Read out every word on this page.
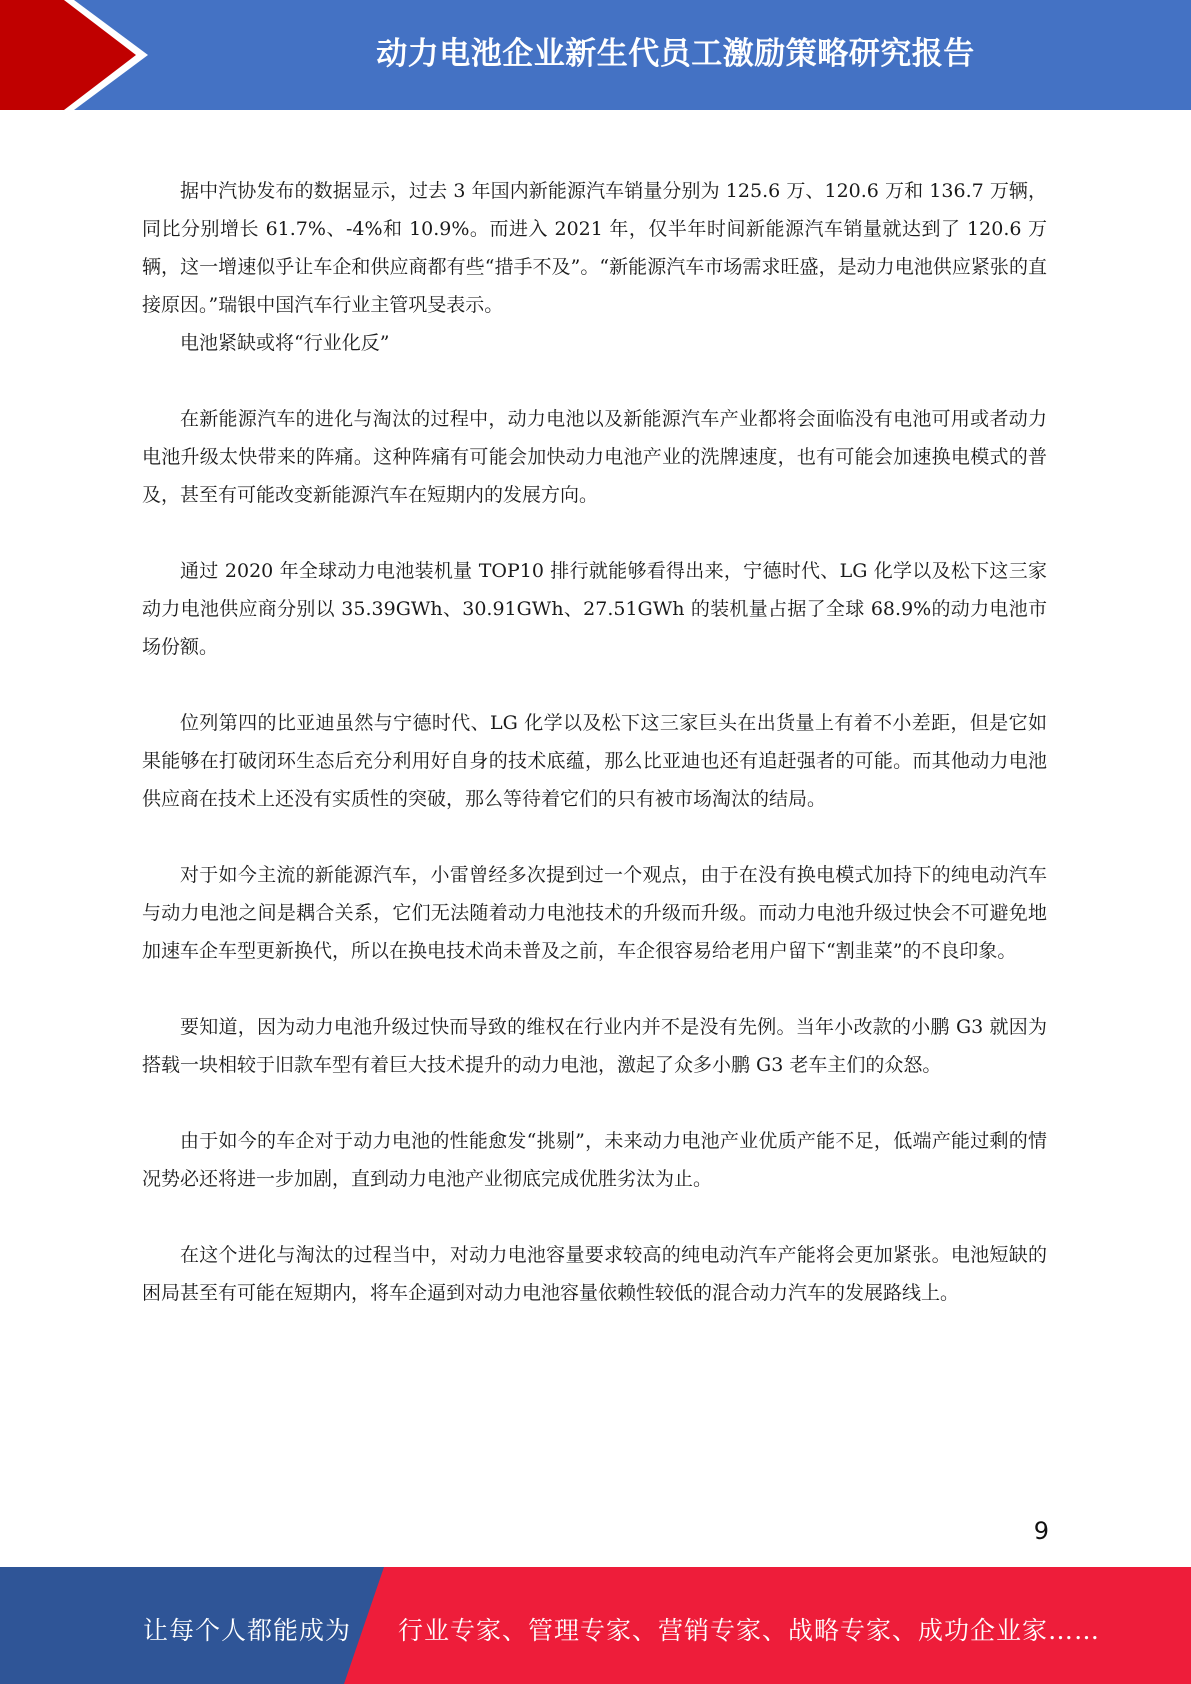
动力电池企业新生代员工激励策略研究报告

据中汽协发布的数据显示，过去 3 年国内新能源汽车销量分别为 125.6 万、120.6 万和 136.7 万辆，同比分别增长 61.7%、-4%和 10.9%。而进入 2021 年，仅半年时间新能源汽车销量就达到了 120.6 万辆，这一增速似乎让车企和供应商都有些“措手不及”。“新能源汽车市场需求旺盛，是动力电池供应紧张的直接原因。”瑞银中国汽车行业主管巩旻表示。

电池紧缺或将“行业化反”

在新能源汽车的进化与淘汰的过程中，动力电池以及新能源汽车产业都将会面临没有电池可用或者动力电池升级太快带来的阵痛。这种阵痛有可能会加快动力电池产业的洗牌速度，也有可能会加速换电模式的普及，甚至有可能改变新能源汽车在短期内的发展方向。

通过 2020 年全球动力电池装机量 TOP10 排行就能够看得出来，宁德时代、LG 化学以及松下这三家动力电池供应商分别以 35.39GWh、30.91GWh、27.51GWh 的装机量占据了全球 68.9%的动力电池市场份额。

位列第四的比亚迪虽然与宁德时代、LG 化学以及松下这三家巨头在出货量上有着不小差距，但是它如果能够在打破闭环生态后充分利用好自身的技术底蕴，那么比亚迪也还有追赶强者的可能。而其他动力电池供应商在技术上还没有实质性的突破，那么等待着它们的只有被市场淘汰的结局。

对于如今主流的新能源汽车，小雷曾经多次提到过一个观点，由于在没有换电模式加持下的纯电动汽车与动力电池之间是耦合关系，它们无法随着动力电池技术的升级而升级。而动力电池升级过快会不可避免地加速车企车型更新换代，所以在换电技术尚未普及之前，车企很容易给老用户留下“割韭菜”的不良印象。

要知道，因为动力电池升级过快而导致的维权在行业内并不是没有先例。当年小改款的小鹏 G3 就因为搭载一块相较于旧款车型有着巨大技术提升的动力电池，激起了众多小鹏 G3 老车主们的众怒。

由于如今的车企对于动力电池的性能愈发“挑剔”，未来动力电池产业优质产能不足，低端产能过剩的情况势必还将进一步加剧，直到动力电池产业彻底完成优胜劣汰为止。

在这个进化与淘汰的过程当中，对动力电池容量要求较高的纯电动汽车产能将会更加紧张。电池短缺的困局甚至有可能在短期内，将车企逼到对动力电池容量依赖性较低的混合动力汽车的发展路线上。

9
让每个人都能成为 行业专家、管理专家、营销专家、战略专家、成功企业家……
